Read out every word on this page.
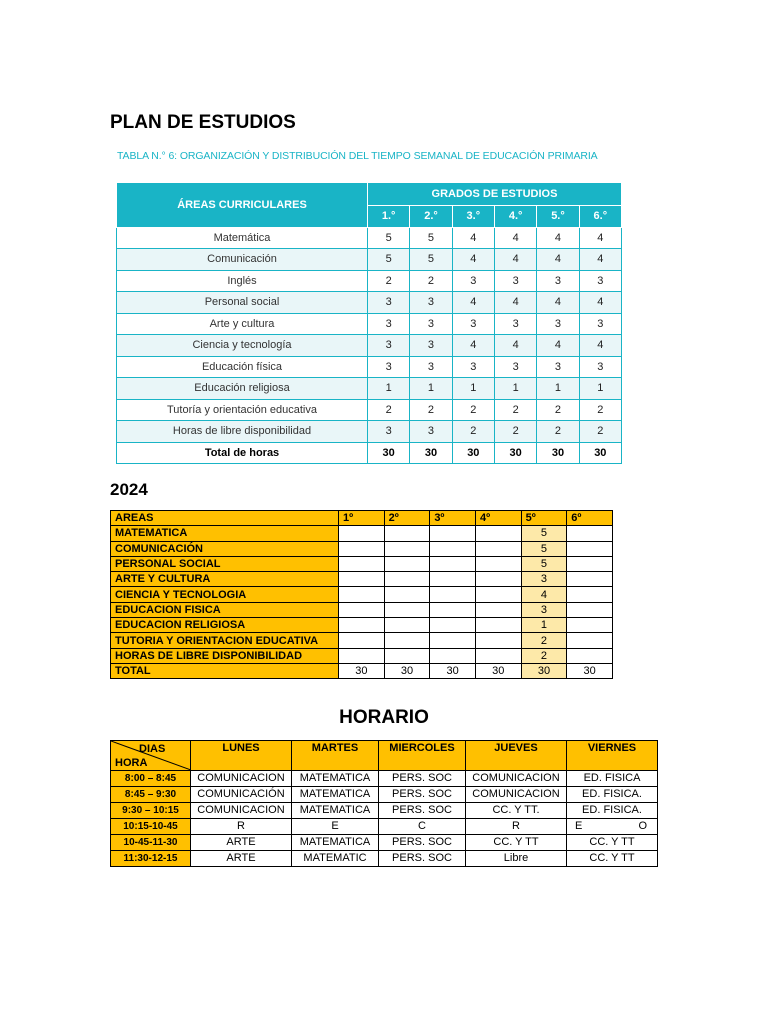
PLAN DE ESTUDIOS
TABLA N.° 6: ORGANIZACIÓN Y DISTRIBUCIÓN DEL TIEMPO SEMANAL DE EDUCACIÓN PRIMARIA
ÁREAS CURRICULARES	GRADOS DE ESTUDIOS					
	1.°	2.°	3.°	4.°	5.°	6.°
Matemática	5	5	4	4	4	4
Comunicación	5	5	4	4	4	4
Inglés	2	2	3	3	3	3
Personal social	3	3	4	4	4	4
Arte y cultura	3	3	3	3	3	3
Ciencia y tecnología	3	3	4	4	4	4
Educación física	3	3	3	3	3	3
Educación religiosa	1	1	1	1	1	1
Tutoría y orientación educativa	2	2	2	2	2	2
Horas de libre disponibilidad	3	3	2	2	2	2
Total de horas	30	30	30	30	30	30
2024
AREAS	1º	2º	3º	4º	5º	6º
MATEMATICA					5	
COMUNICACIÓN					5	
PERSONAL SOCIAL					5	
ARTE Y CULTURA					3	
CIENCIA Y TECNOLOGIA					4	
EDUCACION FISICA					3	
EDUCACION RELIGIOSA					1	
TUTORIA Y ORIENTACION EDUCATIVA					2	
HORAS DE LIBRE DISPONIBILIDAD					2	
TOTAL	30	30	30	30	30	30
HORARIO
DIAS
HORA	LUNES	MARTES	MIERCOLES	JUEVES	VIERNES
8:00 – 8:45	COMUNICACION	MATEMATICA	PERS. SOC	COMUNICACION	ED. FISICA
8:45 – 9:30	COMUNICACIÓN	MATEMATICA	PERS. SOC	COMUNICACION	ED. FISICA.
9:30 – 10:15	COMUNICACION	MATEMATICA	PERS. SOC	CC. Y TT.	ED. FISICA.
10:15-10-45	R	E	C	R	E O

10-45-11-30	ARTE	MATEMATICA	PERS. SOC	CC. Y TT	CC. Y TT
11:30-12-15	ARTE	MATEMATIC	PERS. SOC	Libre	CC. Y TT
